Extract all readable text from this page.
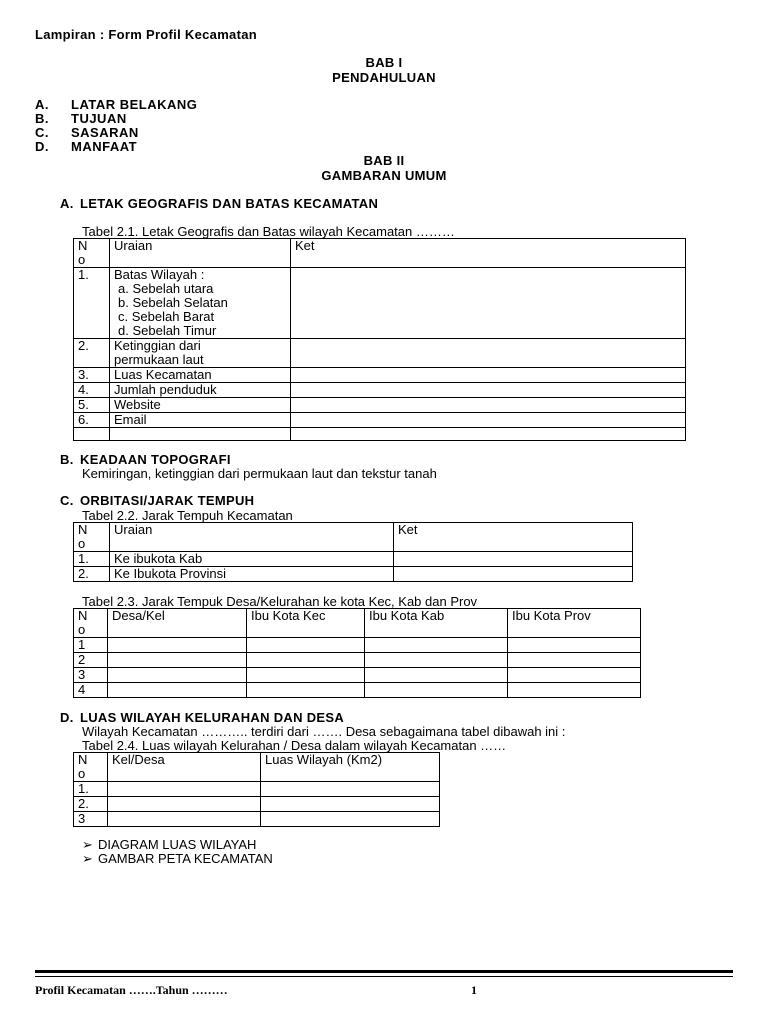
Lampiran : Form Profil Kecamatan
BAB I
PENDAHULUAN
A. LATAR BELAKANG
B. TUJUAN
C. SASARAN
D. MANFAAT
BAB II
GAMBARAN UMUM
A. LETAK GEOGRAFIS DAN BATAS KECAMATAN
Tabel 2.1. Letak Geografis dan Batas wilayah Kecamatan ………
N
o	Uraian	Ket
1.	Batas Wilayah :
a. Sebelah utara
b. Sebelah Selatan
c. Sebelah Barat
d. Sebelah Timur	

2.	Ketinggian dari
permukaan laut	
3.	Luas Kecamatan	
4.	Jumlah penduduk	
5.	Website	
6.	Email	

B. KEADAAN TOPOGRAFI
Kemiringan, ketinggian dari permukaan laut dan tekstur tanah
C. ORBITASI/JARAK TEMPUH
Tabel 2.2. Jarak Tempuh Kecamatan
N
o	Uraian	Ket
1.	Ke ibukota Kab	
2.	Ke Ibukota Provinsi	
Tabel 2.3. Jarak Tempuk Desa/Kelurahan ke kota Kec, Kab dan Prov
N
o	Desa/Kel	Ibu Kota Kec	Ibu Kota Kab	Ibu Kota Prov
1				
2				
3				
4				
D. LUAS WILAYAH KELURAHAN DAN DESA
Wilayah Kecamatan ……….. terdiri dari ……. Desa sebagaimana tabel dibawah ini :
Tabel 2.4. Luas wilayah Kelurahan / Desa dalam wilayah Kecamatan ……
N
o	Kel/Desa	Luas Wilayah (Km2)
1.		
2.		
3		
➢ DIAGRAM LUAS WILAYAH
➢ GAMBAR PETA KECAMATAN
Profil Kecamatan …….Tahun ………	1
